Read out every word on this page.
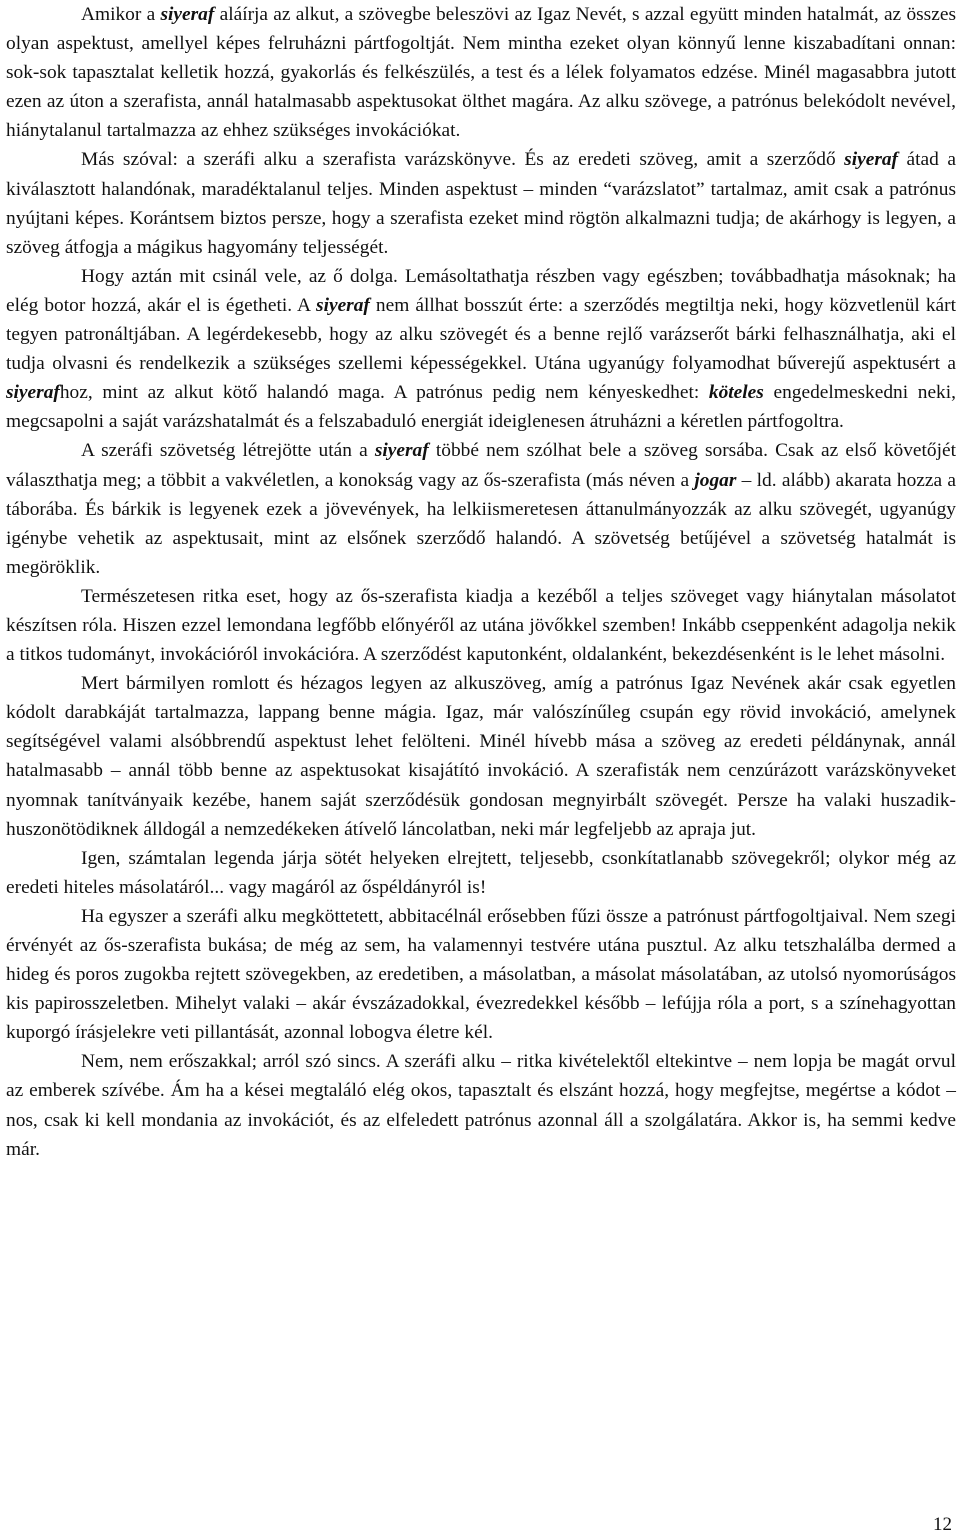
Amikor a siyeraf aláírja az alkut, a szövegbe beleszövi az Igaz Nevét, s azzal együtt minden hatalmát, az összes olyan aspektust, amellyel képes felruházni pártfogoltját. Nem mintha ezeket olyan könnyű lenne kiszabadítani onnan: sok-sok tapasztalat kelletik hozzá, gyakorlás és felkészülés, a test és a lélek folyamatos edzése. Minél magasabbra jutott ezen az úton a szerafista, annál hatalmasabb aspektusokat ölthet magára. Az alku szövege, a patrónus belekódolt nevével, hiánytalanul tartalmazza az ehhez szükséges invokációkat.

Más szóval: a szeráfi alku a szerafista varázskönyve. És az eredeti szöveg, amit a szerződő siyeraf átad a kiválasztott halandónak, maradéktalanul teljes. Minden aspektust – minden “varázslatot” tartalmaz, amit csak a patrónus nyújtani képes. Korántsem biztos persze, hogy a szerafista ezeket mind rögtön alkalmazni tudja; de akárhogy is legyen, a szöveg átfogja a mágikus hagyomány teljességét.

Hogy aztán mit csinál vele, az ő dolga. Lemásoltathatja részben vagy egészben; továbbadhatja másoknak; ha elég botor hozzá, akár el is égetheti. A siyeraf nem állhat bosszút érte: a szerződés megtiltja neki, hogy közvetlenül kárt tegyen patronáltjában. A legérdekesebb, hogy az alku szövegét és a benne rejlő varázserőt bárki felhasználhatja, aki el tudja olvasni és rendelkezik a szükséges szellemi képességekkel. Utána ugyanúgy folyamodhat bűverejű aspektusért a siyerafhoz, mint az alkut kötő halandó maga. A patrónus pedig nem kényeskedhet: köteles engedelmeskedni neki, megcsapolni a saját varázshatalmát és a felszabaduló energiát ideiglenesen átruházni a kéretlen pártfogoltra.

A szeráfi szövetség létrejötte után a siyeraf többé nem szólhat bele a szöveg sorsába. Csak az első követőjét választhatja meg; a többit a vakvéletlen, a konokság vagy az ős-szerafista (más néven a jogar – ld. alább) akarata hozza a táborába. És bárkik is legyenek ezek a jövevények, ha lelkiismeretesen áttanulmányozzák az alku szövegét, ugyanúgy igénybe vehetik az aspektusait, mint az elsőnek szerződő halandó. A szövetség betűjével a szövetség hatalmát is megöröklik.

Természetesen ritka eset, hogy az ős-szerafista kiadja a kezéből a teljes szöveget vagy hiánytalan másolatot készítsen róla. Hiszen ezzel lemondana legfőbb előnyéről az utána jövőkkel szemben! Inkább cseppenként adagolja nekik a titkos tudományt, invokációról invokációra. A szerződést kaputonként, oldalanként, bekezdésenként is le lehet másolni.

Mert bármilyen romlott és hézagos legyen az alkuszöveg, amíg a patrónus Igaz Nevének akár csak egyetlen kódolt darabkáját tartalmazza, lappang benne mágia. Igaz, már valószínűleg csupán egy rövid invokáció, amelynek segítségével valami alsóbbrendű aspektust lehet felölteni. Minél hívebb mása a szöveg az eredeti példánynak, annál hatalmasabb – annál több benne az aspektusokat kisajátító invokáció. A szerafisták nem cenzúrázott varázskönyveket nyomnak tanítványaik kezébe, hanem saját szerződésük gondosan megnyirbált szövegét. Persze ha valaki huszadik-huszonötödiknek álldogál a nemzedékeken átívelő láncolatban, neki már legfeljebb az apraja jut.

Igen, számtalan legenda járja sötét helyeken elrejtett, teljesebb, csonkítatlanabb szövegekről; olykor még az eredeti hiteles másolatáról... vagy magáról az őspéldányról is!

Ha egyszer a szeráfi alku megköttetett, abbitacélnál erősebben fűzi össze a patrónust pártfogoltjaival. Nem szegi érvényét az ős-szerafista bukása; de még az sem, ha valamennyi testvére utána pusztul. Az alku tetszhalálba dermed a hideg és poros zugokba rejtett szövegekben, az eredetiben, a másolatban, a másolat másolatában, az utolsó nyomorúságos kis papirosszeletben. Mihelyt valaki – akár évszázadokkal, évezredekkel később – lefújja róla a port, s a színehagyottan kuporgó írásjelekre veti pillantását, azonnal lobogva életre kél.

Nem, nem erőszakkal; arról szó sincs. A szeráfi alku – ritka kivételektől eltekintve – nem lopja be magát orvul az emberek szívébe. Ám ha a kései megtaláló elég okos, tapasztalt és elszánt hozzá, hogy megfejtse, megértse a kódot – nos, csak ki kell mondania az invokációt, és az elfeledett patrónus azonnal áll a szolgálatára. Akkor is, ha semmi kedve már.

12
